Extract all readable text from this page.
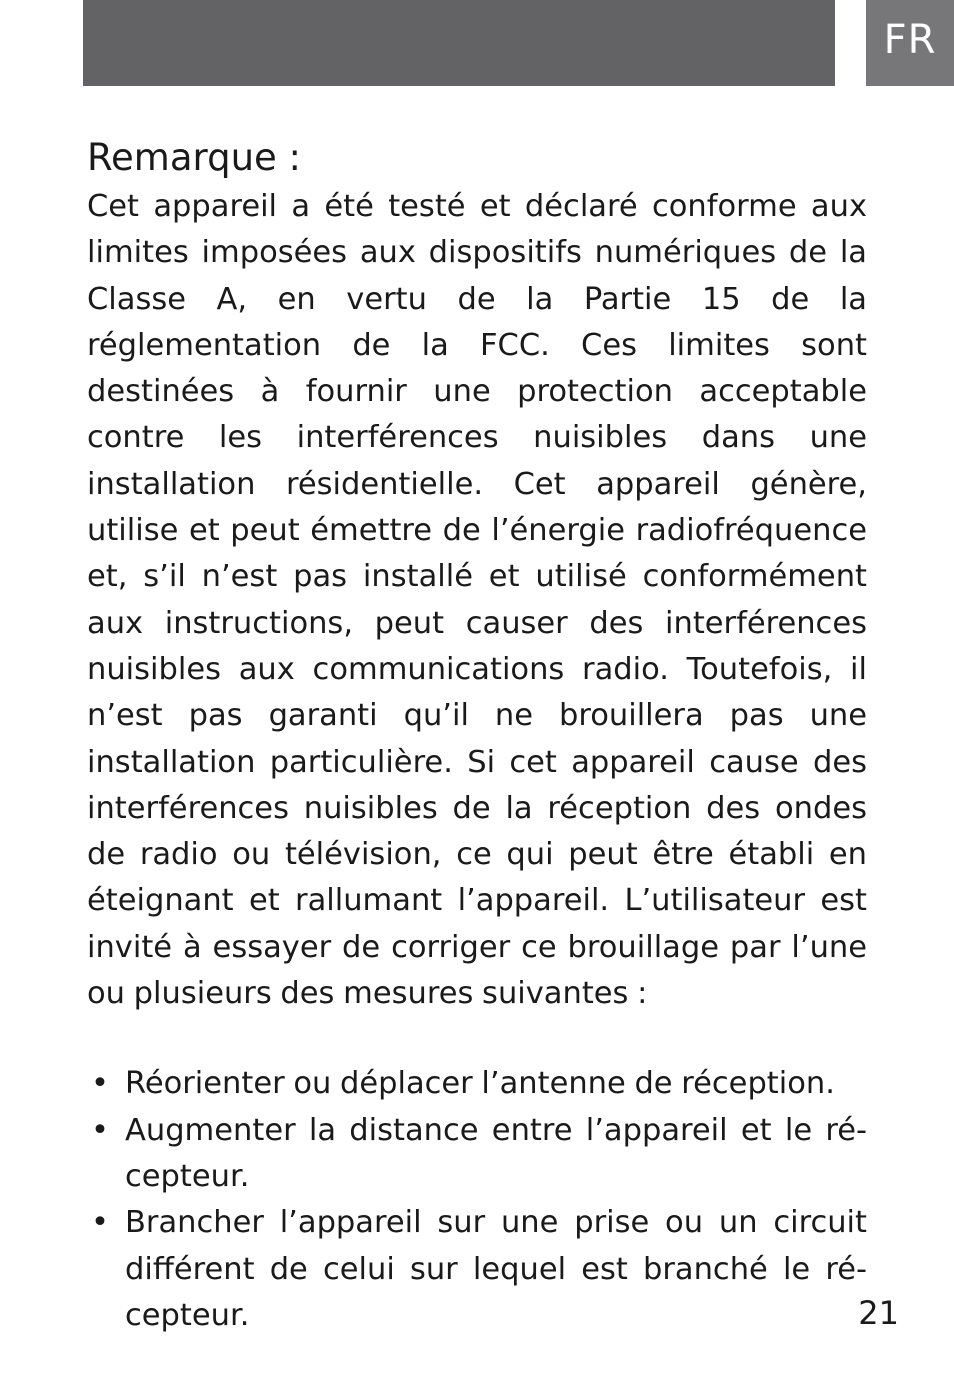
FR
Remarque :

Cet appareil a été testé et déclaré conforme aux limites imposées aux dispositifs numériques de la Classe A, en vertu de la Partie 15 de la réglementation de la FCC. Ces limites sont destinées à fournir une protection acceptable contre les interférences nuisibles dans une installation résidentielle. Cet appareil génère, utilise et peut émettre de l’énergie radiofréquence et, s’il n’est pas installé et utilisé conformément aux instructions, peut causer des interférences nuisibles aux communications radio. Toutefois, il n’est pas garanti qu’il ne brouillera pas une installation particulière. Si cet appareil cause des interférences nuisibles de la réception des ondes de radio ou télévision, ce qui peut être établi en éteignant et rallumant l’appareil. L’utilisateur est invité à essayer de corriger ce brouillage par l’une ou plusieurs des mesures suivantes :

• Réorienter ou déplacer l’antenne de réception.
• Augmenter la distance entre l’appareil et le récepteur.
• Brancher l’appareil sur une prise ou un circuit différent de celui sur lequel est branché le récepteur.	21
